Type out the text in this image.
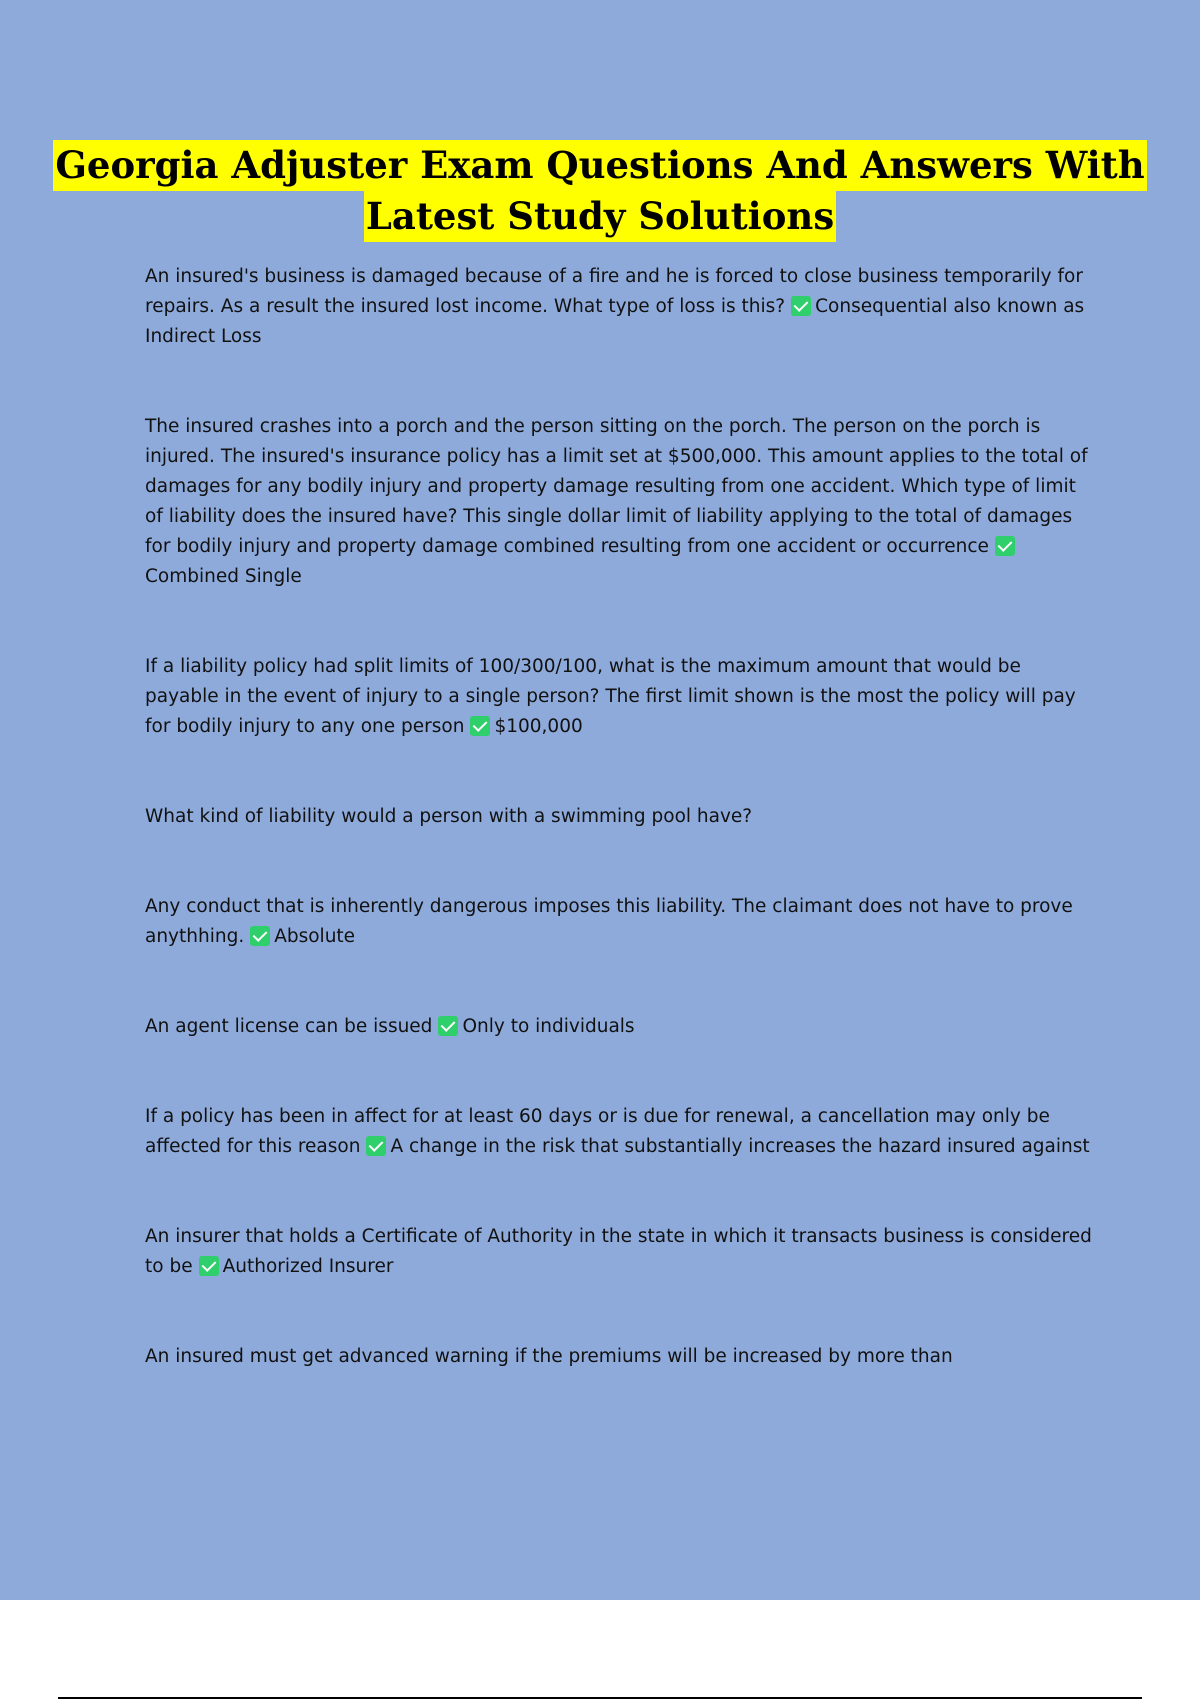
Georgia Adjuster Exam Questions And Answers With
Latest Study Solutions

An insured's business is damaged because of a fire and he is forced to close business temporarily for repairs. As a result the insured lost income. What type of loss is this? Consequential also known as Indirect Loss

The insured crashes into a porch and the person sitting on the porch. The person on the porch is injured. The insured's insurance policy has a limit set at $500,000. This amount applies to the total of damages for any bodily injury and property damage resulting from one accident. Which type of limit of liability does the insured have? This single dollar limit of liability applying to the total of damages for bodily injury and property damage combined resulting from one accident or occurrenceCombined Single

If a liability policy had split limits of 100/300/100, what is the maximum amount that would be payable in the event of injury to a single person? The first limit shown is the most the policy will pay for bodily injury to any one person $100,000

What kind of liability would a person with a swimming pool have?

Any conduct that is inherently dangerous imposes this liability. The claimant does not have to prove anythhing. Absolute

An agent license can be issued Only to individuals

If a policy has been in affect for at least 60 days or is due for renewal, a cancellation may only be affected for this reason A change in the risk that substantially increases the hazard insured against

An insurer that holds a Certificate of Authority in the state in which it transacts business is considered to be Authorized Insurer

An insured must get advanced warning if the premiums will be increased by more than
